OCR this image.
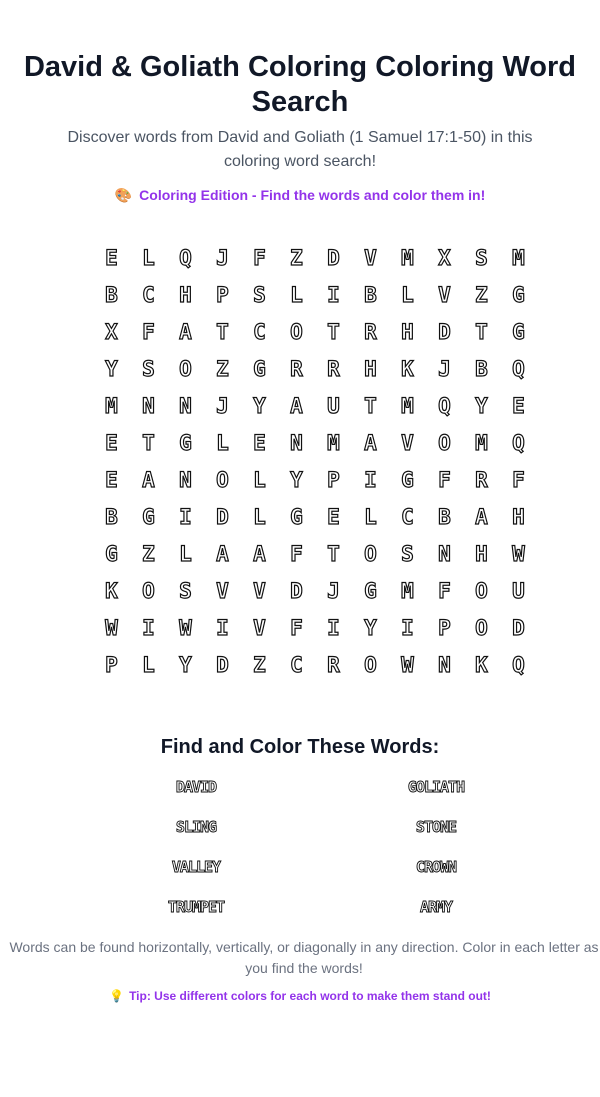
David & Goliath Coloring Coloring Word Search
Discover words from David and Goliath (1 Samuel 17:1-50) in this coloring word search!
🎨 Coloring Edition - Find the words and color them in!
E	L	Q	J	F	Z	D	V	M	X	S	M
B	C	H	P	S	L	I	B	L	V	Z	G
X	F	A	T	C	O	T	R	H	D	T	G
Y	S	O	Z	G	R	R	H	K	J	B	Q
M	N	N	J	Y	A	U	T	M	Q	Y	E
E	T	G	L	E	N	M	A	V	O	M	Q
E	A	N	O	L	Y	P	I	G	F	R	F
B	G	I	D	L	G	E	L	C	B	A	H
G	Z	L	A	A	F	T	O	S	N	H	W
K	O	S	V	V	D	J	G	M	F	O	U
W	I	W	I	V	F	I	Y	I	P	O	D
P	L	Y	D	Z	C	R	O	W	N	K	Q
Find and Color These Words:
DAVID	GOLIATH
SLING	STONE
VALLEY	CROWN
TRUMPET	ARMY
Words can be found horizontally, vertically, or diagonally in any direction. Color in each letter as you find the words!
💡 Tip: Use different colors for each word to make them stand out!
